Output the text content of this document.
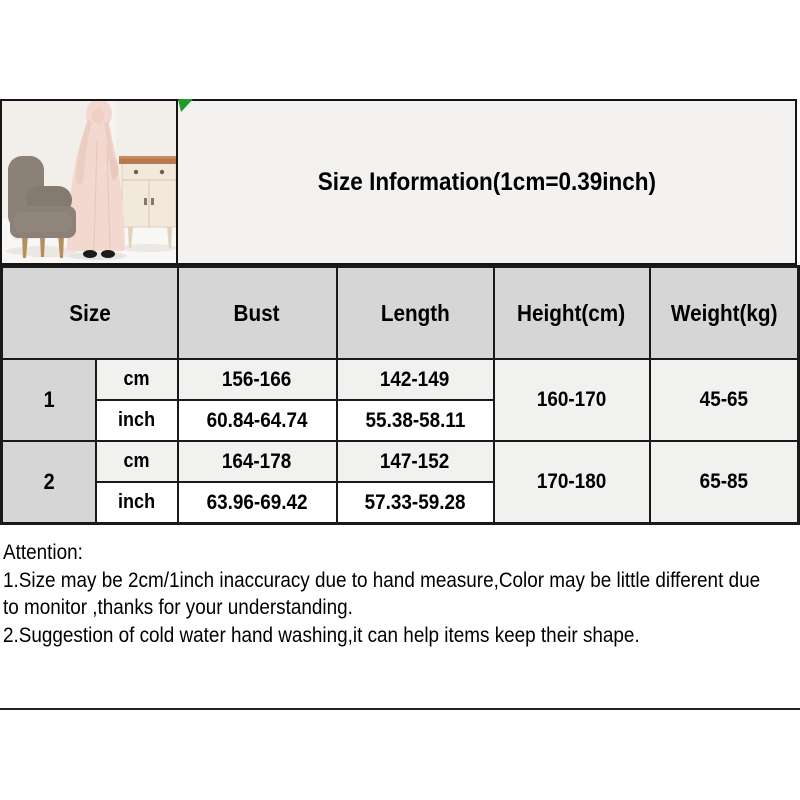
Size Information(1cm=0.39inch)
Size		Bust	Length	Height(cm)	Weight(kg)
1	cm	156-166	142-149	160-170	45-65
	inch	60.84-64.74	55.38-58.11		
2	cm	164-178	147-152	170-180	65-85
	inch	63.96-69.42	57.33-59.28		
Attention:
1.Size may be 2cm/1inch inaccuracy due to hand measure,Color may be little different due
to monitor ,thanks for your understanding.
2.Suggestion of cold water hand washing,it can help items keep their shape.
